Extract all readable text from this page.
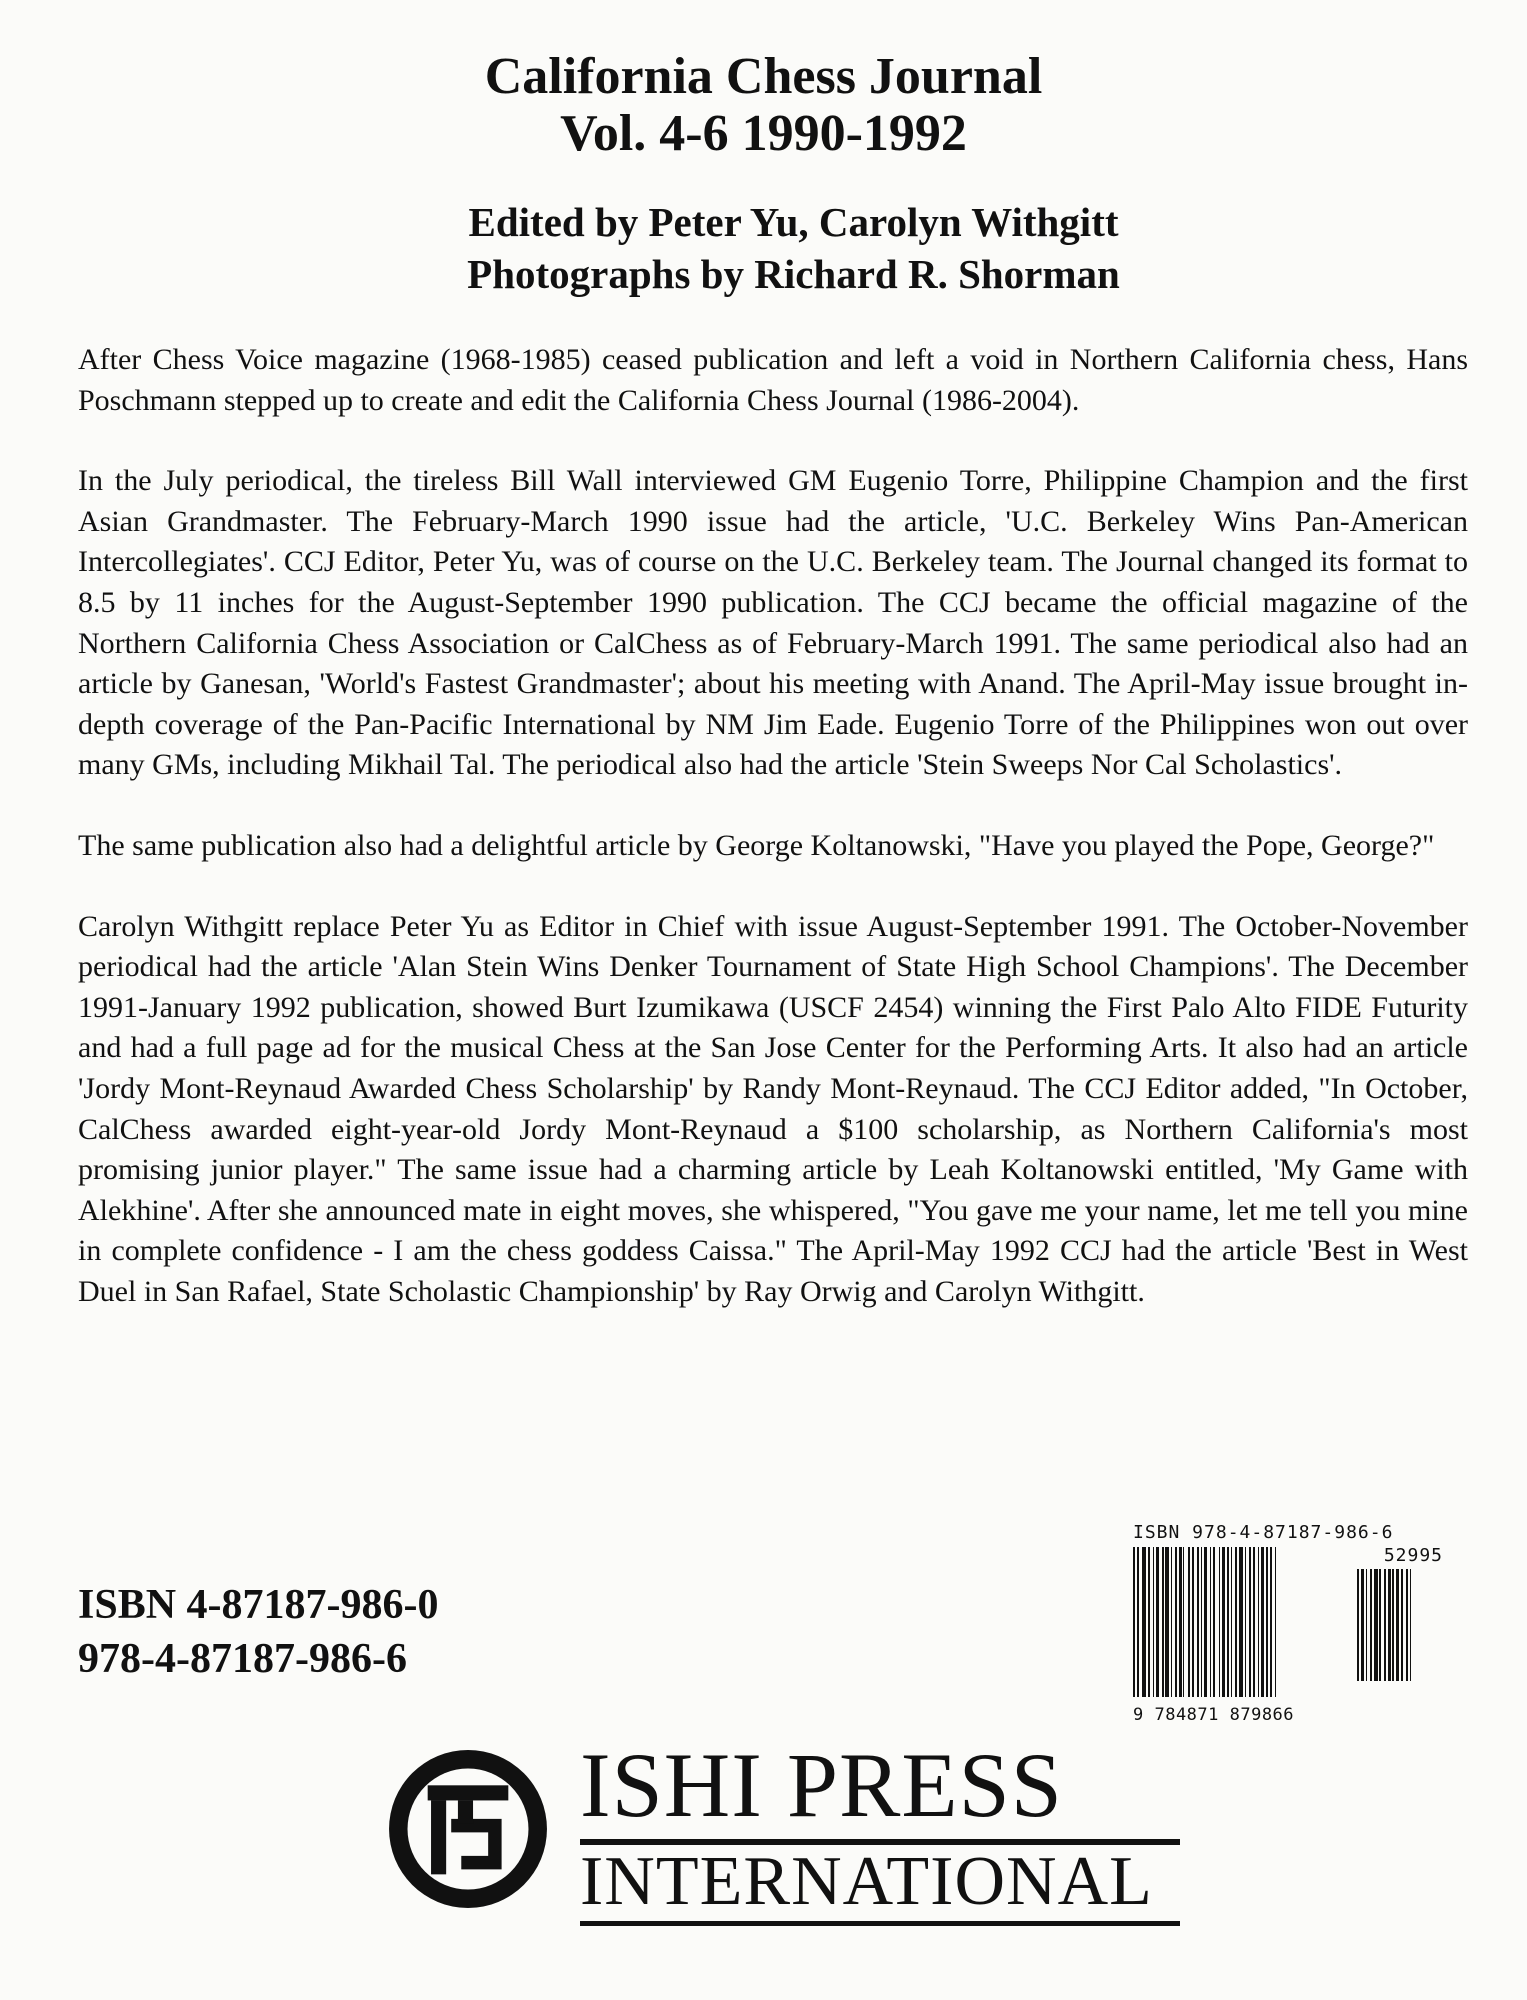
California Chess Journal
Vol. 4-6 1990-1992
Edited by Peter Yu, Carolyn Withgitt
Photographs by Richard R. Shorman

After Chess Voice magazine (1968-1985) ceased publication and left a void in Northern California chess, Hans Poschmann stepped up to create and edit the California Chess Journal (1986-2004).

In the July periodical, the tireless Bill Wall interviewed GM Eugenio Torre, Philippine Champion and the first Asian Grandmaster. The February-March 1990 issue had the article, 'U.C. Berkeley Wins Pan-American Intercollegiates'. CCJ Editor, Peter Yu, was of course on the U.C. Berkeley team. The Journal changed its format to 8.5 by 11 inches for the August-September 1990 publication. The CCJ became the official magazine of the Northern California Chess Association or CalChess as of February-March 1991. The same periodical also had an article by Ganesan, 'World's Fastest Grandmaster'; about his meeting with Anand. The April-May issue brought in-depth coverage of the Pan-Pacific International by NM Jim Eade. Eugenio Torre of the Philippines won out over many GMs, including Mikhail Tal. The periodical also had the article 'Stein Sweeps Nor Cal Scholastics'.

The same publication also had a delightful article by George Koltanowski, "Have you played the Pope, George?"

Carolyn Withgitt replace Peter Yu as Editor in Chief with issue August-September 1991. The October-November periodical had the article 'Alan Stein Wins Denker Tournament of State High School Champions'. The December 1991-January 1992 publication, showed Burt Izumikawa (USCF 2454) winning the First Palo Alto FIDE Futurity and had a full page ad for the musical Chess at the San Jose Center for the Performing Arts. It also had an article 'Jordy Mont-Reynaud Awarded Chess Scholarship' by Randy Mont-Reynaud. The CCJ Editor added, "In October, CalChess awarded eight-year-old Jordy Mont-Reynaud a $100 scholarship, as Northern California's most promising junior player." The same issue had a charming article by Leah Koltanowski entitled, 'My Game with Alekhine'. After she announced mate in eight moves, she whispered, "You gave me your name, let me tell you mine in complete confidence - I am the chess goddess Caissa." The April-May 1992 CCJ had the article 'Best in West Duel in San Rafael, State Scholastic Championship' by Ray Orwig and Carolyn Withgitt.

ISBN 4-87187-986-0
978-4-87187-986-6
ISBN 978-4-87187-986-6
52995
9 784871 879866
ISHI PRESS
INTERNATIONAL
